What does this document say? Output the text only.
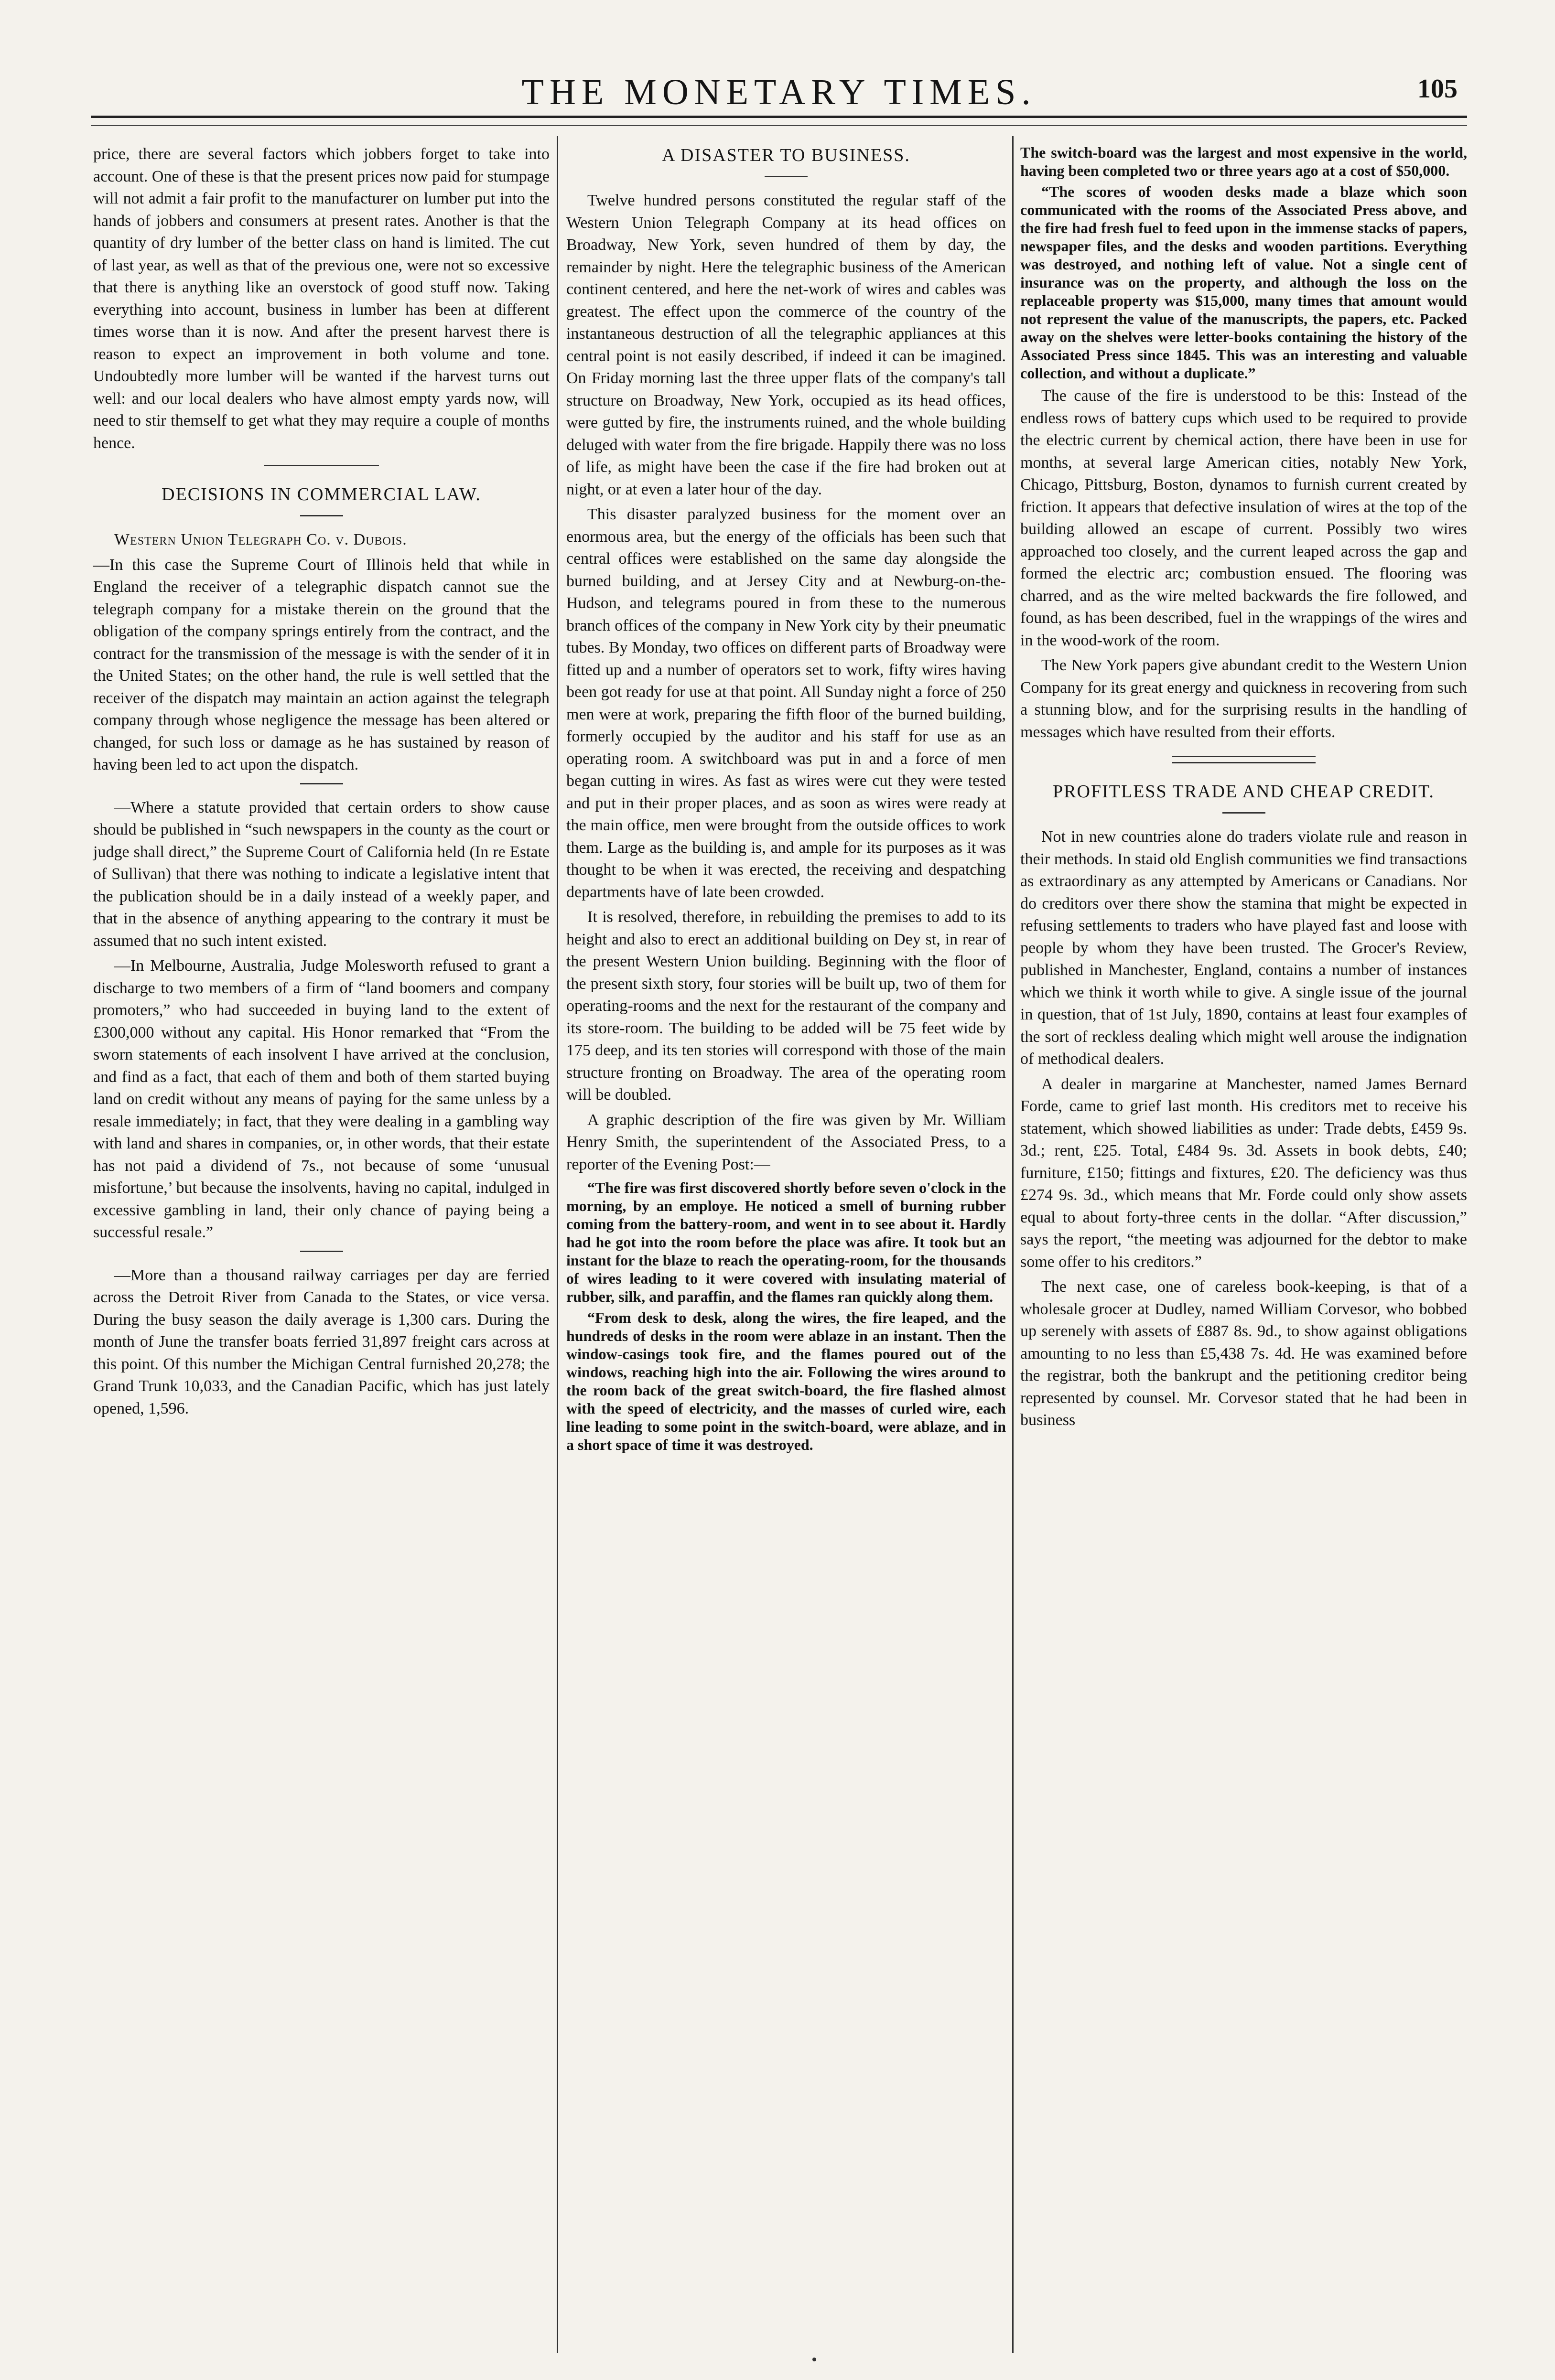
THE MONETARY TIMES.	105

price, there are several factors which jobbers forget to take into account. One of these is that the present prices now paid for stumpage will not admit a fair profit to the manufacturer on lumber put into the hands of jobbers and consumers at present rates. Another is that the quantity of dry lumber of the better class on hand is limited. The cut of last year, as well as that of the previous one, were not so excessive that there is anything like an overstock of good stuff now. Taking everything into account, business in lumber has been at different times worse than it is now. And after the present harvest there is reason to expect an improvement in both volume and tone. Undoubtedly more lumber will be wanted if the harvest turns out well: and our local dealers who have almost empty yards now, will need to stir themself to get what they may require a couple of months hence.

DECISIONS IN COMMERCIAL LAW.

Western Union Telegraph Co. v. Dubois.

—In this case the Supreme Court of Illinois held that while in England the receiver of a telegraphic dispatch cannot sue the telegraph company for a mistake therein on the ground that the obligation of the company springs entirely from the contract, and the contract for the transmission of the message is with the sender of it in the United States; on the other hand, the rule is well settled that the receiver of the dispatch may maintain an action against the telegraph company through whose negligence the message has been altered or changed, for such loss or damage as he has sustained by reason of having been led to act upon the dispatch.

—Where a statute provided that certain orders to show cause should be published in “such newspapers in the county as the court or judge shall direct,” the Supreme Court of California held (In re Estate of Sullivan) that there was nothing to indicate a legislative intent that the publication should be in a daily instead of a weekly paper, and that in the absence of anything appearing to the contrary it must be assumed that no such intent existed.

—In Melbourne, Australia, Judge Molesworth refused to grant a discharge to two members of a firm of “land boomers and company promoters,” who had succeeded in buying land to the extent of £300,000 without any capital. His Honor remarked that “From the sworn statements of each insolvent I have arrived at the conclusion, and find as a fact, that each of them and both of them started buying land on credit without any means of paying for the same unless by a resale immediately; in fact, that they were dealing in a gambling way with land and shares in companies, or, in other words, that their estate has not paid a dividend of 7s., not because of some ‘unusual misfortune,’ but because the insolvents, having no capital, indulged in excessive gambling in land, their only chance of paying being a successful resale.”

—More than a thousand railway carriages per day are ferried across the Detroit River from Canada to the States, or vice versa. During the busy season the daily average is 1,300 cars. During the month of June the transfer boats ferried 31,897 freight cars across at this point. Of this number the Michigan Central furnished 20,278; the Grand Trunk 10,033, and the Canadian Pacific, which has just lately opened, 1,596.

A DISASTER TO BUSINESS.

Twelve hundred persons constituted the regular staff of the Western Union Telegraph Company at its head offices on Broadway, New York, seven hundred of them by day, the remainder by night. Here the telegraphic business of the American continent centered, and here the net-work of wires and cables was greatest. The effect upon the commerce of the country of the instantaneous destruction of all the telegraphic appliances at this central point is not easily described, if indeed it can be imagined. On Friday morning last the three upper flats of the company's tall structure on Broadway, New York, occupied as its head offices, were gutted by fire, the instruments ruined, and the whole building deluged with water from the fire brigade. Happily there was no loss of life, as might have been the case if the fire had broken out at night, or at even a later hour of the day.

This disaster paralyzed business for the moment over an enormous area, but the energy of the officials has been such that central offices were established on the same day alongside the burned building, and at Jersey City and at Newburg-on-the-Hudson, and telegrams poured in from these to the numerous branch offices of the company in New York city by their pneumatic tubes. By Monday, two offices on different parts of Broadway were fitted up and a number of operators set to work, fifty wires having been got ready for use at that point. All Sunday night a force of 250 men were at work, preparing the fifth floor of the burned building, formerly occupied by the auditor and his staff for use as an operating room. A switchboard was put in and a force of men began cutting in wires. As fast as wires were cut they were tested and put in their proper places, and as soon as wires were ready at the main office, men were brought from the outside offices to work them. Large as the building is, and ample for its purposes as it was thought to be when it was erected, the receiving and despatching departments have of late been crowded.

It is resolved, therefore, in rebuilding the premises to add to its height and also to erect an additional building on Dey st, in rear of the present Western Union building. Beginning with the floor of the present sixth story, four stories will be built up, two of them for operating-rooms and the next for the restaurant of the company and its store-room. The building to be added will be 75 feet wide by 175 deep, and its ten stories will correspond with those of the main structure fronting on Broadway. The area of the operating room will be doubled.

A graphic description of the fire was given by Mr. William Henry Smith, the superintendent of the Associated Press, to a reporter of the Evening Post:—

“The fire was first discovered shortly before seven o'clock in the morning, by an employe. He noticed a smell of burning rubber coming from the battery-room, and went in to see about it. Hardly had he got into the room before the place was afire. It took but an instant for the blaze to reach the operating-room, for the thousands of wires leading to it were covered with insulating material of rubber, silk, and paraffin, and the flames ran quickly along them.

“From desk to desk, along the wires, the fire leaped, and the hundreds of desks in the room were ablaze in an instant. Then the window-casings took fire, and the flames poured out of the windows, reaching high into the air. Following the wires around to the room back of the great switch-board, the fire flashed almost with the speed of electricity, and the masses of curled wire, each line leading to some point in the switch-board, were ablaze, and in a short space of time it was destroyed.

The switch-board was the largest and most expensive in the world, having been completed two or three years ago at a cost of $50,000.

“The scores of wooden desks made a blaze which soon communicated with the rooms of the Associated Press above, and the fire had fresh fuel to feed upon in the immense stacks of papers, newspaper files, and the desks and wooden partitions. Everything was destroyed, and nothing left of value. Not a single cent of insurance was on the property, and although the loss on the replaceable property was $15,000, many times that amount would not represent the value of the manuscripts, the papers, etc. Packed away on the shelves were letter-books containing the history of the Associated Press since 1845. This was an interesting and valuable collection, and without a duplicate.”

The cause of the fire is understood to be this: Instead of the endless rows of battery cups which used to be required to provide the electric current by chemical action, there have been in use for months, at several large American cities, notably New York, Chicago, Pittsburg, Boston, dynamos to furnish current created by friction. It appears that defective insulation of wires at the top of the building allowed an escape of current. Possibly two wires approached too closely, and the current leaped across the gap and formed the electric arc; combustion ensued. The flooring was charred, and as the wire melted backwards the fire followed, and found, as has been described, fuel in the wrappings of the wires and in the wood-work of the room.

The New York papers give abundant credit to the Western Union Company for its great energy and quickness in recovering from such a stunning blow, and for the surprising results in the handling of messages which have resulted from their efforts.

PROFITLESS TRADE AND CHEAP CREDIT.

Not in new countries alone do traders violate rule and reason in their methods. In staid old English communities we find transactions as extraordinary as any attempted by Americans or Canadians. Nor do creditors over there show the stamina that might be expected in refusing settlements to traders who have played fast and loose with people by whom they have been trusted. The Grocer's Review, published in Manchester, England, contains a number of instances which we think it worth while to give. A single issue of the journal in question, that of 1st July, 1890, contains at least four examples of the sort of reckless dealing which might well arouse the indignation of methodical dealers.

A dealer in margarine at Manchester, named James Bernard Forde, came to grief last month. His creditors met to receive his statement, which showed liabilities as under: Trade debts, £459 9s. 3d.; rent, £25. Total, £484 9s. 3d. Assets in book debts, £40; furniture, £150; fittings and fixtures, £20. The deficiency was thus £274 9s. 3d., which means that Mr. Forde could only show assets equal to about forty-three cents in the dollar. “After discussion,” says the report, “the meeting was adjourned for the debtor to make some offer to his creditors.”

The next case, one of careless book-keeping, is that of a wholesale grocer at Dudley, named William Corvesor, who bobbed up serenely with assets of £887 8s. 9d., to show against obligations amounting to no less than £5,438 7s. 4d. He was examined before the registrar, both the bankrupt and the petitioning creditor being represented by counsel. Mr. Corvesor stated that he had been in business
